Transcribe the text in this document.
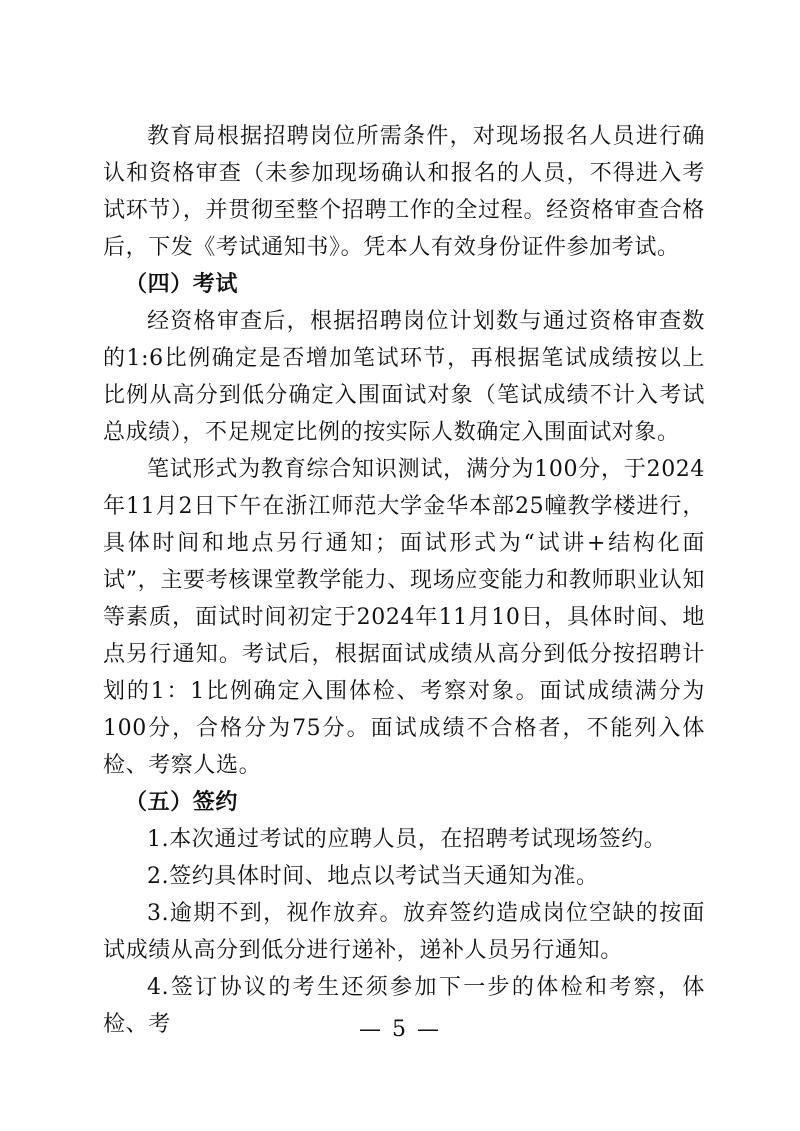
教育局根据招聘岗位所需条件，对现场报名人员进行确认和资格审查（未参加现场确认和报名的人员，不得进入考试环节），并贯彻至整个招聘工作的全过程。经资格审查合格后，下发《考试通知书》。凭本人有效身份证件参加考试。

（四）考试

经资格审查后，根据招聘岗位计划数与通过资格审查数的1:6比例确定是否增加笔试环节，再根据笔试成绩按以上比例从高分到低分确定入围面试对象（笔试成绩不计入考试总成绩），不足规定比例的按实际人数确定入围面试对象。

笔试形式为教育综合知识测试，满分为100分，于2024年11月2日下午在浙江师范大学金华本部25幢教学楼进行，具体时间和地点另行通知；面试形式为“试讲+结构化面试”，主要考核课堂教学能力、现场应变能力和教师职业认知等素质，面试时间初定于2024年11月10日，具体时间、地点另行通知。考试后，根据面试成绩从高分到低分按招聘计划的1：1比例确定入围体检、考察对象。面试成绩满分为100分，合格分为75分。面试成绩不合格者，不能列入体检、考察人选。

（五）签约

1.本次通过考试的应聘人员，在招聘考试现场签约。

2.签约具体时间、地点以考试当天通知为准。

3.逾期不到，视作放弃。放弃签约造成岗位空缺的按面试成绩从高分到低分进行递补，递补人员另行通知。

4.签订协议的考生还须参加下一步的体检和考察，体检、考	— 5 —
